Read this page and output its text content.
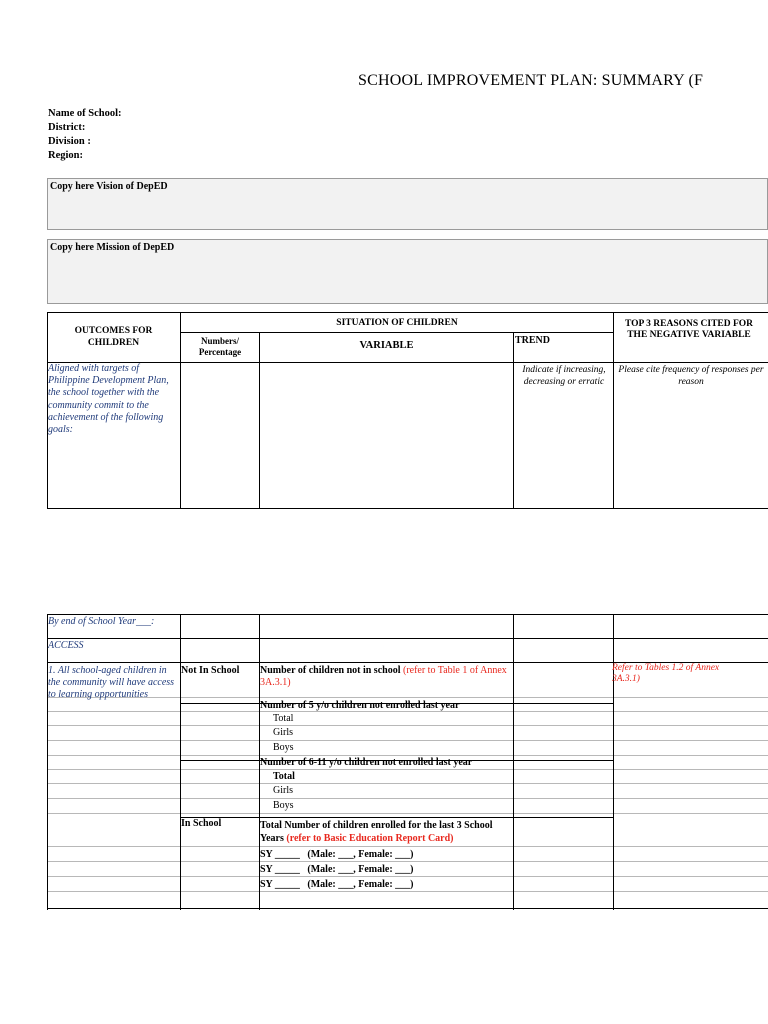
SCHOOL IMPROVEMENT PLAN: SUMMARY (F
Name of School:
District:
Division :
Region:
Copy here Vision of DepED
Copy here Mission of DepED
OUTCOMES FOR CHILDREN
SITUATION OF CHILDREN
Numbers/ Percentage
VARIABLE	TREND
TOP 3 REASONS CITED FOR THE NEGATIVE VARIABLE
Aligned with targets of Philippine Development Plan, the school together with the community commit to the achievement of the following goals:
Indicate if increasing, decreasing or erratic
Please cite frequency of responses per reason
By end of School Year___:
ACCESS
1. All school-aged children in the community will have access to learning opportunities
Not In School Number of children not in school (refer to Table 1 of Annex 3A.3.1)
Refer to Tables 1.2 of Annex 3A.3.1)
Number of 5 y/o children not enrolled last year
Total
Girls
Boys
Number of 6-11 y/o children not enrolled last year
Total
Girls
Boys
In School	Total Number of children enrolled for the last 3 School Years (refer to Basic Education Report Card)
SY _____   (Male: ___, Female: ___)
SY _____   (Male: ___, Female: ___)
SY _____   (Male: ___, Female: ___)
